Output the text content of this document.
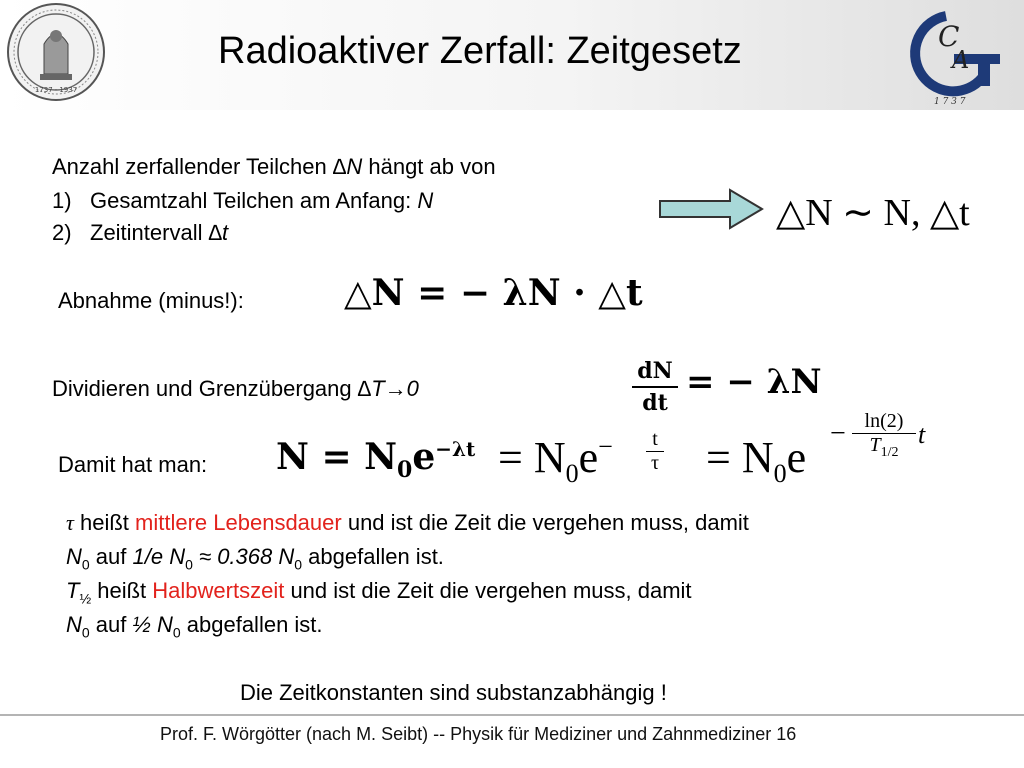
1737 · 1937
Radioaktiver Zerfall: Zeitgesetz	C
A
1 7 3 7
Anzahl zerfallender Teilchen ∆N hängt ab von
1) Gesamtzahl Teilchen am Anfang: N
2) Zeitintervall ∆t	△N ∼ N, △t
Abnahme (minus!):	△N = − λN · △t
Dividieren und Grenzübergang ∆T→0
dN
dt
= − λN
Damit hat man: $N = N_0e^{-\lambda t} = N_0e^-$	t
$\tau = N_0e - \ln(2)$
$T_{1/2}$
t
τ heißt mittlere Lebensdauer und ist die Zeit die vergehen muss, damit
$N_0$ auf 1/e $N_0 \approx 0.368$ $N_0$ abgefallen ist.
$T_{\frac{1}{2}}$ heißt Halbwertszeit und ist die Zeit die vergehen muss, damit
$N_0$ auf ½ $N_0$ abgefallen ist.
Die Zeitkonstanten sind substanzabhängig !
Prof. F. Wörgötter (nach M. Seibt) -- Physik für Mediziner und Zahnmediziner 16
